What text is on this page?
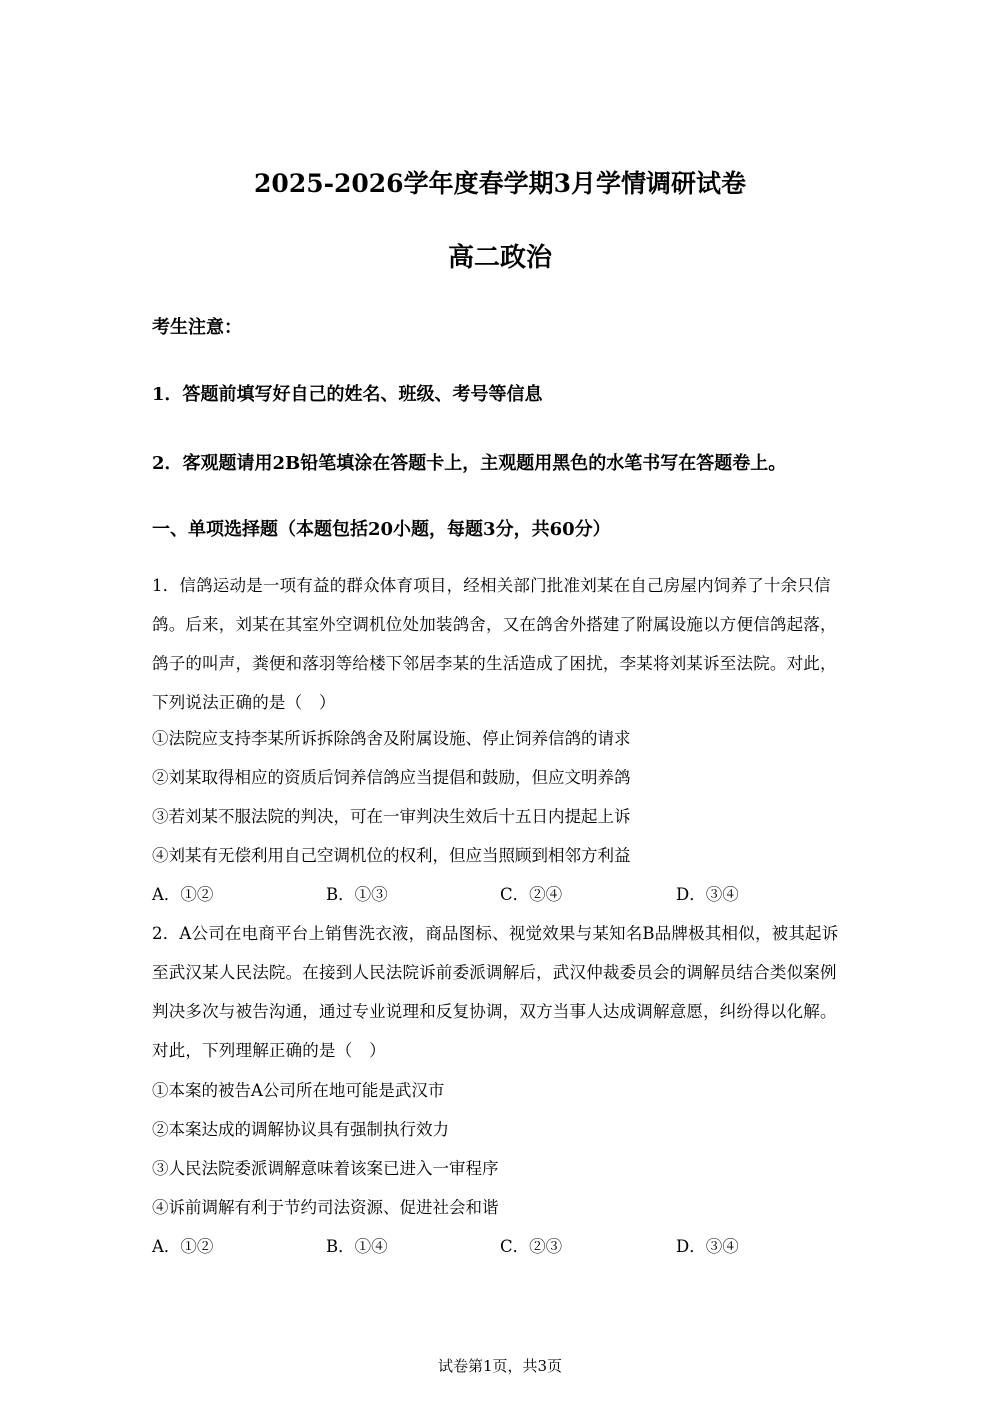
2025-2026学年度春学期3月学情调研试卷
高二政治
考生注意：
1．答题前填写好自己的姓名、班级、考号等信息
2．客观题请用2B铅笔填涂在答题卡上，主观题用黑色的水笔书写在答题卷上。
一、单项选择题（本题包括20小题，每题3分，共60分）
1．信鸽运动是一项有益的群众体育项目，经相关部门批准刘某在自己房屋内饲养了十余只信鸽。后来，刘某在其室外空调机位处加装鸽舍，又在鸽舍外搭建了附属设施以方便信鸽起落，鸽子的叫声，粪便和落羽等给楼下邻居李某的生活造成了困扰，李某将刘某诉至法院。对此，下列说法正确的是（　）
①法院应支持李某所诉拆除鸽舍及附属设施、停止饲养信鸽的请求
②刘某取得相应的资质后饲养信鸽应当提倡和鼓励，但应文明养鸽
③若刘某不服法院的判决，可在一审判决生效后十五日内提起上诉
④刘某有无偿利用自己空调机位的权利，但应当照顾到相邻方利益
A．①②	B．①③	C．②④	D．③④
2．A公司在电商平台上销售洗衣液，商品图标、视觉效果与某知名B品牌极其相似，被其起诉至武汉某人民法院。在接到人民法院诉前委派调解后，武汉仲裁委员会的调解员结合类似案例判决多次与被告沟通，通过专业说理和反复协调，双方当事人达成调解意愿，纠纷得以化解。对此，下列理解正确的是（　）
①本案的被告A公司所在地可能是武汉市
②本案达成的调解协议具有强制执行效力
③人民法院委派调解意味着该案已进入一审程序
④诉前调解有利于节约司法资源、促进社会和谐
A．①②	B．①④	C．②③	D．③④
试卷第1页，共3页
